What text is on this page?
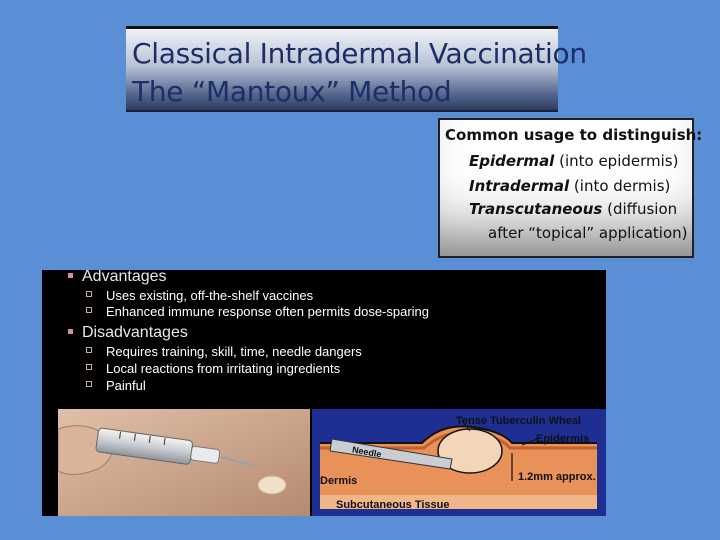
Classical Intradermal Vaccination
The “Mantoux” Method
Common usage to distinguish:
Epidermal (into epidermis)
Intradermal (into dermis)
Transcutaneous (diffusion
after “topical” application)
Advantages
Uses existing, off-the-shelf vaccines
Enhanced immune response often permits dose-sparing
Disadvantages
Requires training, skill, time, needle dangers
Local reactions from irritating ingredients
Painful
Tense Tuberculin Wheal
Epidermis
Needle
1.2mm approx.
Dermis
Subcutaneous Tissue
